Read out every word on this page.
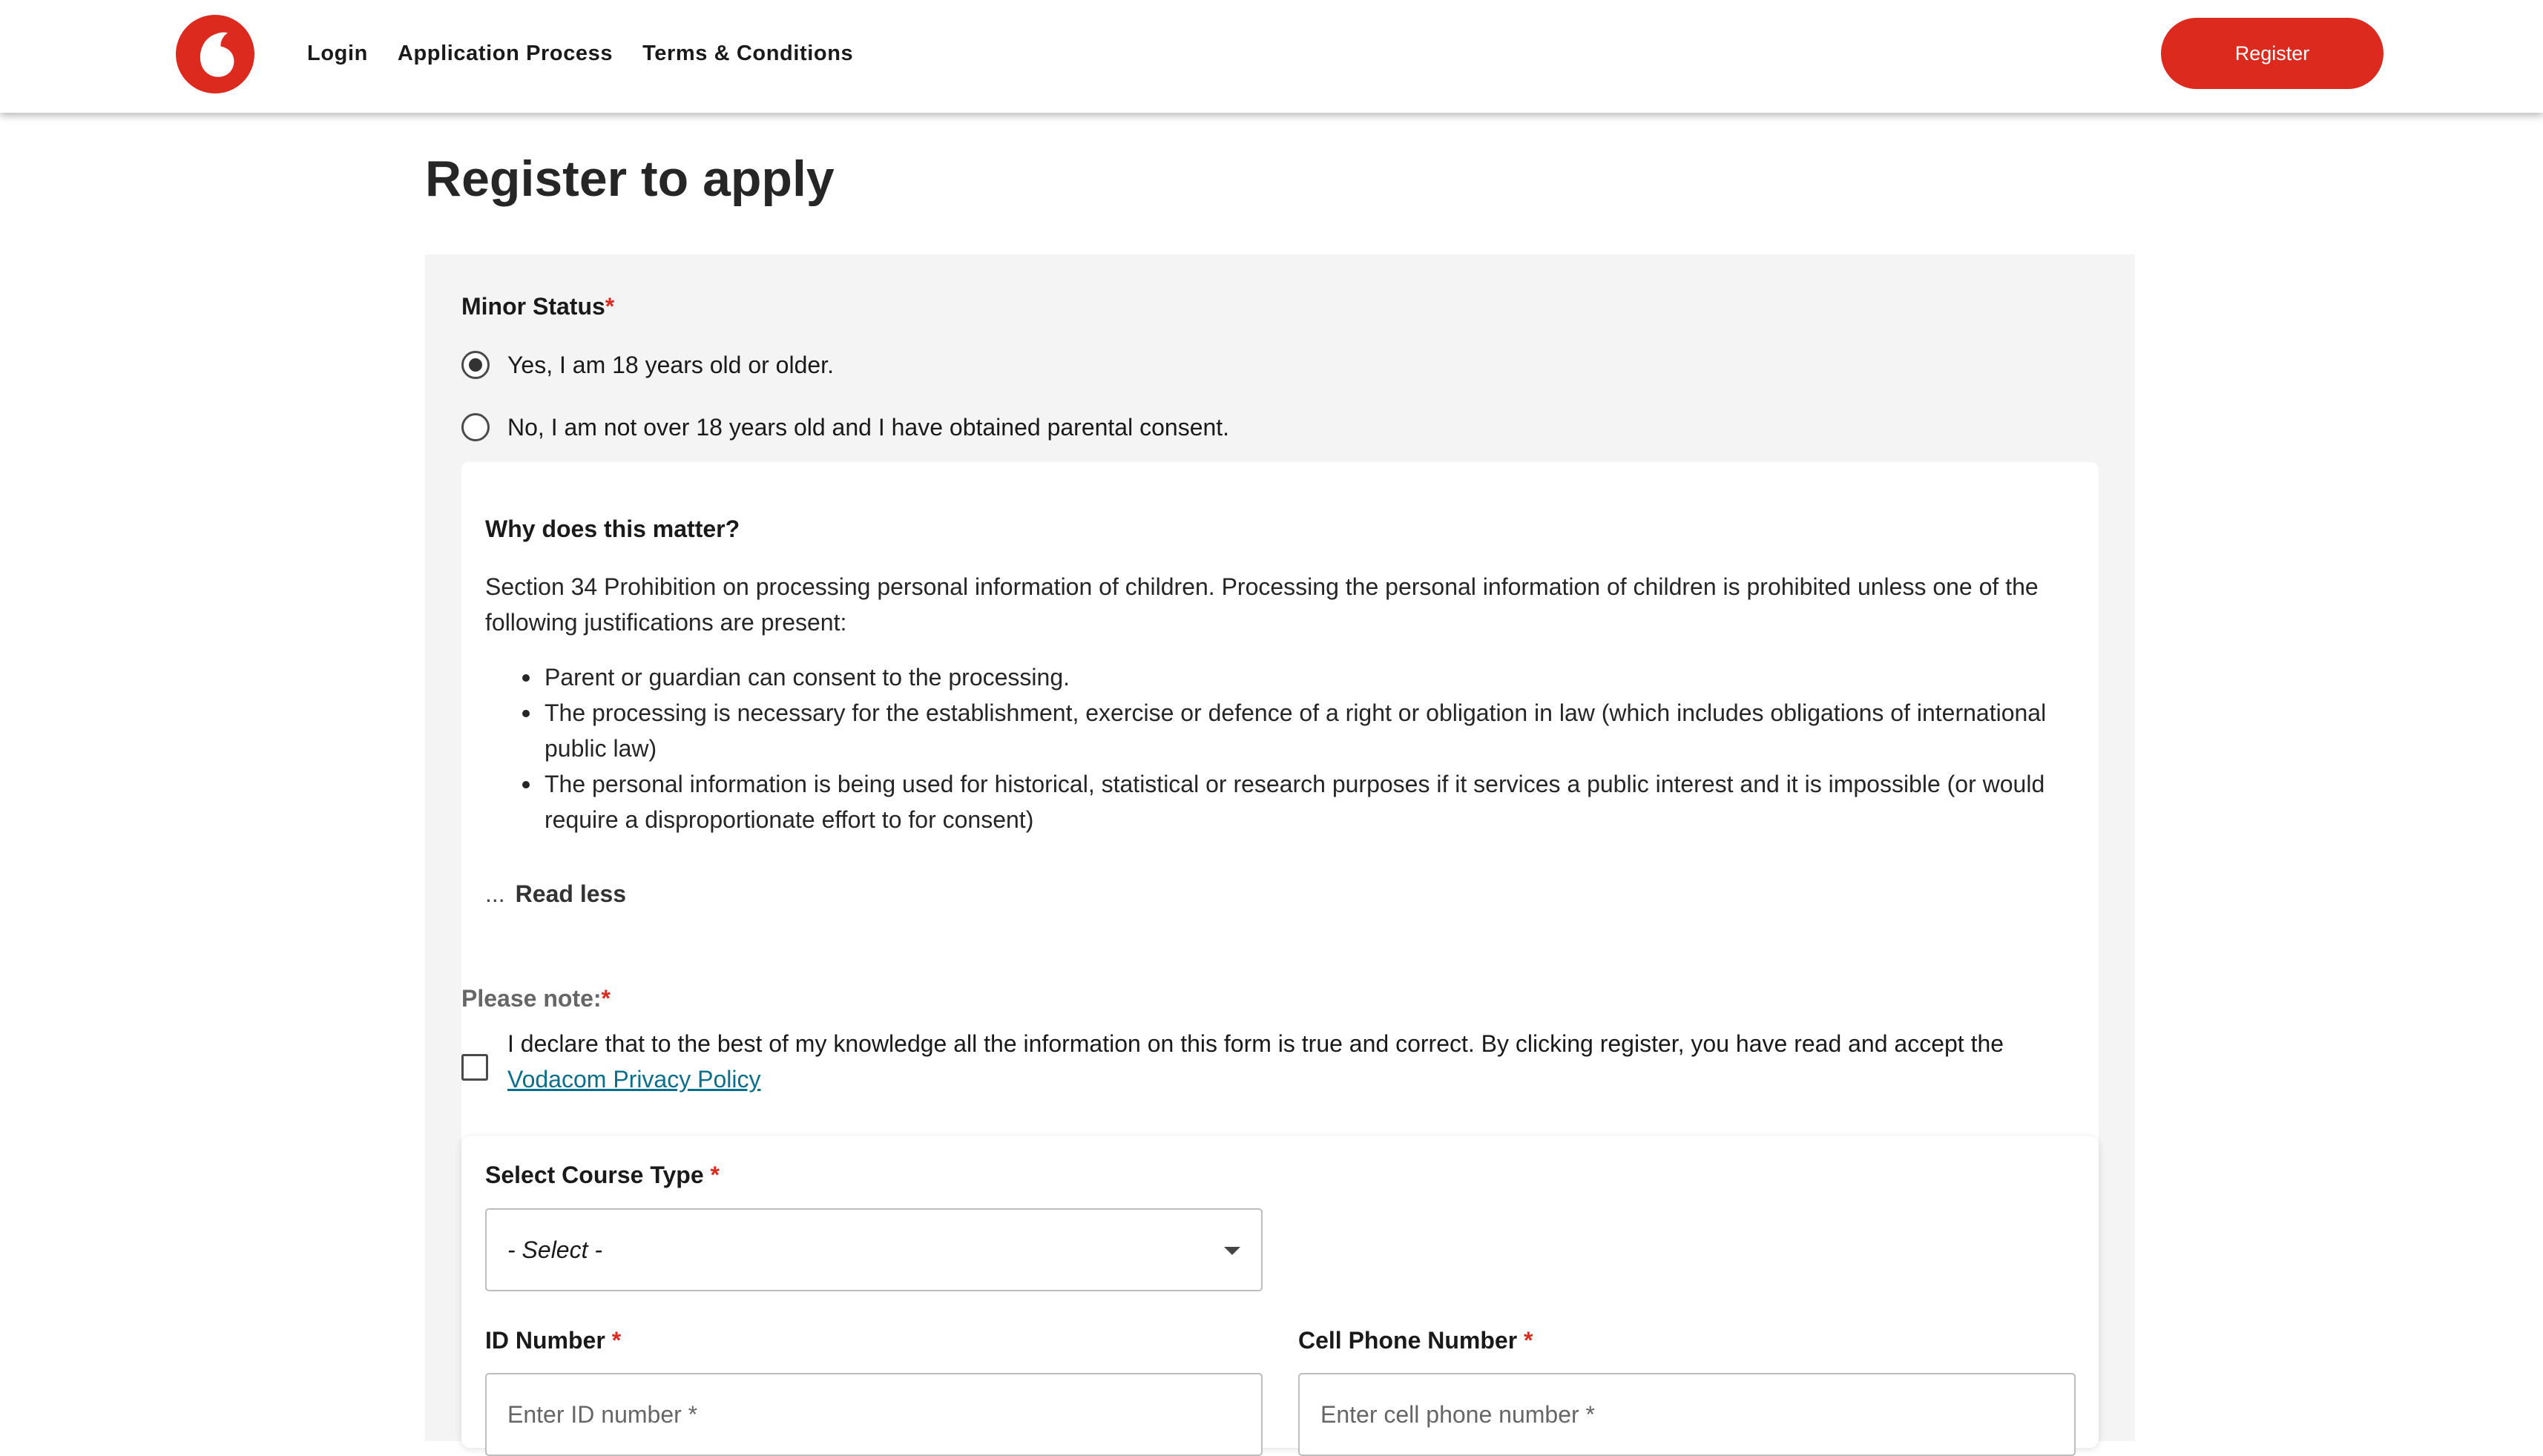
Login Application Process Terms & Conditions	Register
Register to apply
Minor Status*
Yes, I am 18 years old or older.
No, I am not over 18 years old and I have obtained parental consent.
Why does this matter?

Section 34 Prohibition on processing personal information of children. Processing the personal information of children is prohibited unless one of the following justifications are present:

Parent or guardian can consent to the processing.
The processing is necessary for the establishment, exercise or defence of a right or obligation in law (which includes obligations of international public law)
The personal information is being used for historical, statistical or research purposes if it services a public interest and it is impossible (or would require a disproportionate effort to for consent)
... Read less
Please note:*
I declare that to the best of my knowledge all the information on this form is true and correct. By clicking register, you have read and accept the
Vodacom Privacy Policy
Select Course Type *
- Select -
ID Number *
Enter ID number *	Cell Phone Number *
Enter cell phone number *
